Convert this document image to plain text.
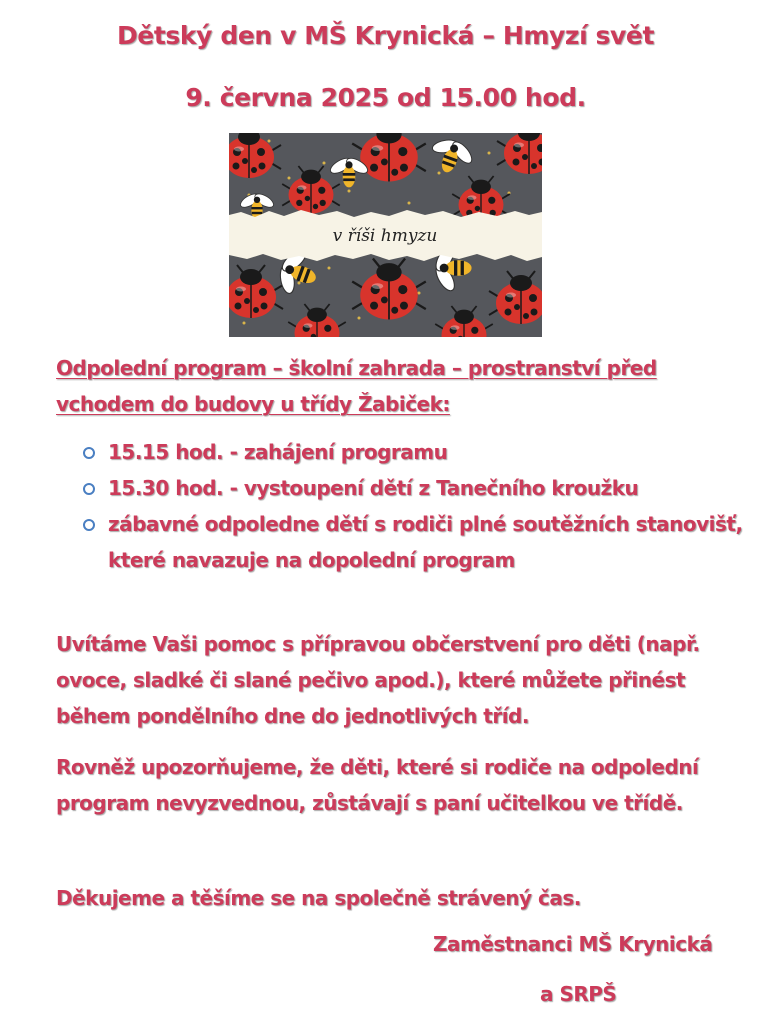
Dětský den v MŠ Krynická – Hmyzí svět
9. června 2025 od 15.00 hod.
v říši hmyzu
Odpolední program – školní zahrada – prostranství před vchodem do budovy u třídy Žabiček:
15.15 hod. - zahájení programu
15.30 hod. - vystoupení dětí z Tanečního kroužku
zábavné odpoledne dětí s rodiči plné soutěžních stanovišť, které navazuje na dopolední program
Uvítáme Vaši pomoc s přípravou občerstvení pro děti (např. ovoce, sladké či slané pečivo apod.), které můžete přinést během pondělního dne do jednotlivých tříd.
Rovněž upozorňujeme, že děti, které si rodiče na odpolední program nevyzvednou, zůstávají s paní učitelkou ve třídě.
Děkujeme a těšíme se na společně strávený čas.
Zaměstnanci MŠ Krynická
a SRPŠ
